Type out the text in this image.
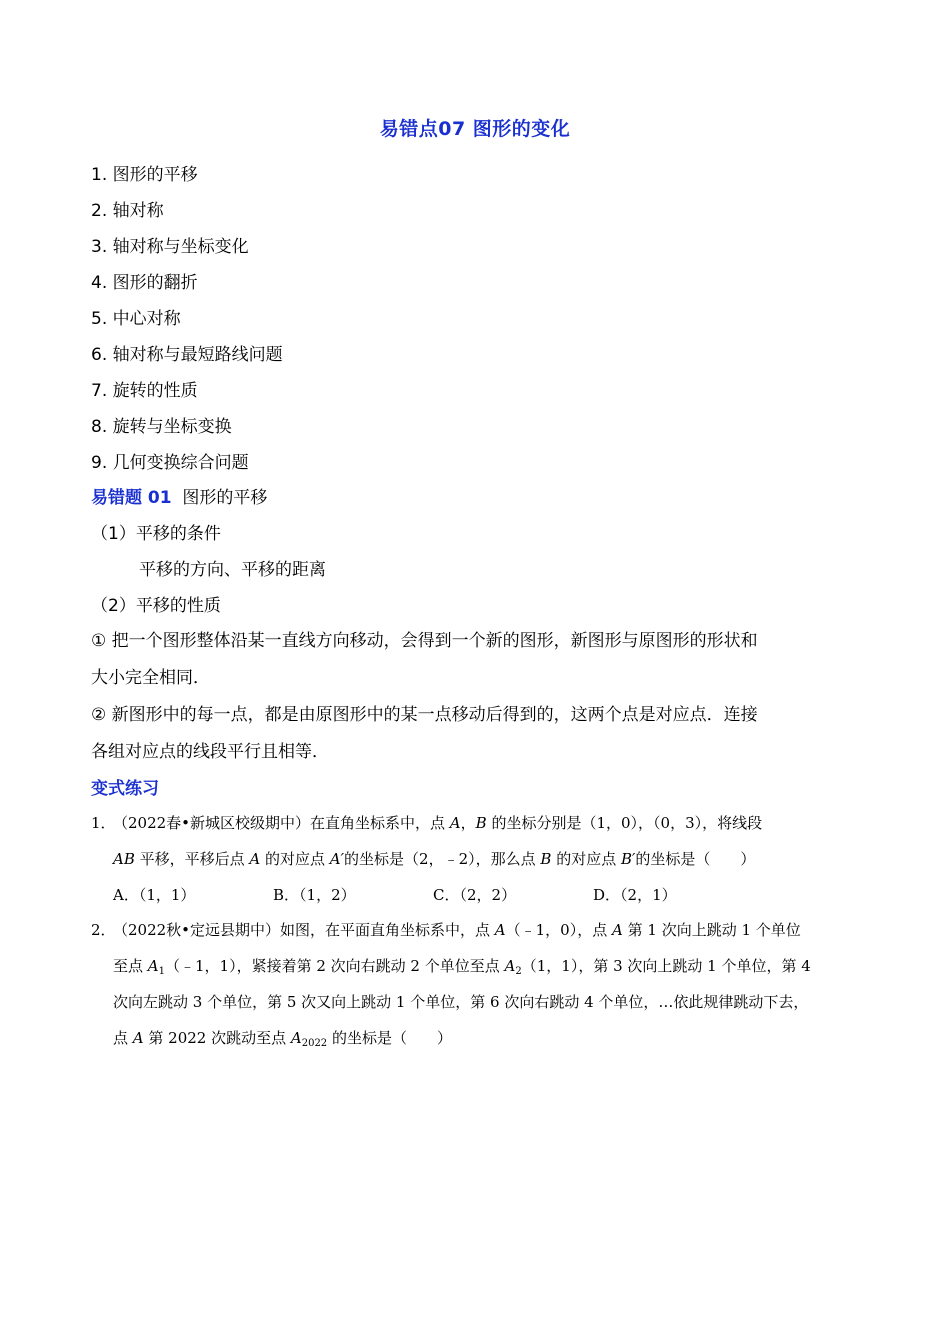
易错点07 图形的变化
1. 图形的平移
2. 轴对称
3. 轴对称与坐标变化
4. 图形的翻折
5. 中心对称
6. 轴对称与最短路线问题
7. 旋转的性质
8. 旋转与坐标变换
9. 几何变换综合问题
易错题 01 图形的平移
（1）平移的条件
平移的方向、平移的距离
（2）平移的性质
① 把一个图形整体沿某一直线方向移动，会得到一个新的图形，新图形与原图形的形状和
大小完全相同．
② 新图形中的每一点，都是由原图形中的某一点移动后得到的，这两个点是对应点．连接
各组对应点的线段平行且相等．
变式练习
1．（2022春•新城区校级期中）在直角坐标系中，点 A，B 的坐标分别是（1，0），（0，3），将线段
AB 平移，平移后点 A 的对应点 A′的坐标是（2，﹣2），那么点 B 的对应点 B′的坐标是（　　）
A．（1，1）	B．（1，2）	C．（2，2）	D．（2，1）
2．（2022秋•定远县期中）如图，在平面直角坐标系中，点 A（﹣1，0），点 A 第 1 次向上跳动 1 个单位
至点 $A_1(﹣1$，1），紧接着第 2 次向右跳动 2 个单位至点 $A_2(1$，1），第 3 次向上跳动 1 个单位，第 4
次向左跳动 3 个单位，第 5 次又向上跳动 1 个单位，第 6 次向右跳动 4 个单位，…依此规律跳动下去，
点 A 第 2022 次跳动至点 $A_{2022}$ 的坐标是（　　）
